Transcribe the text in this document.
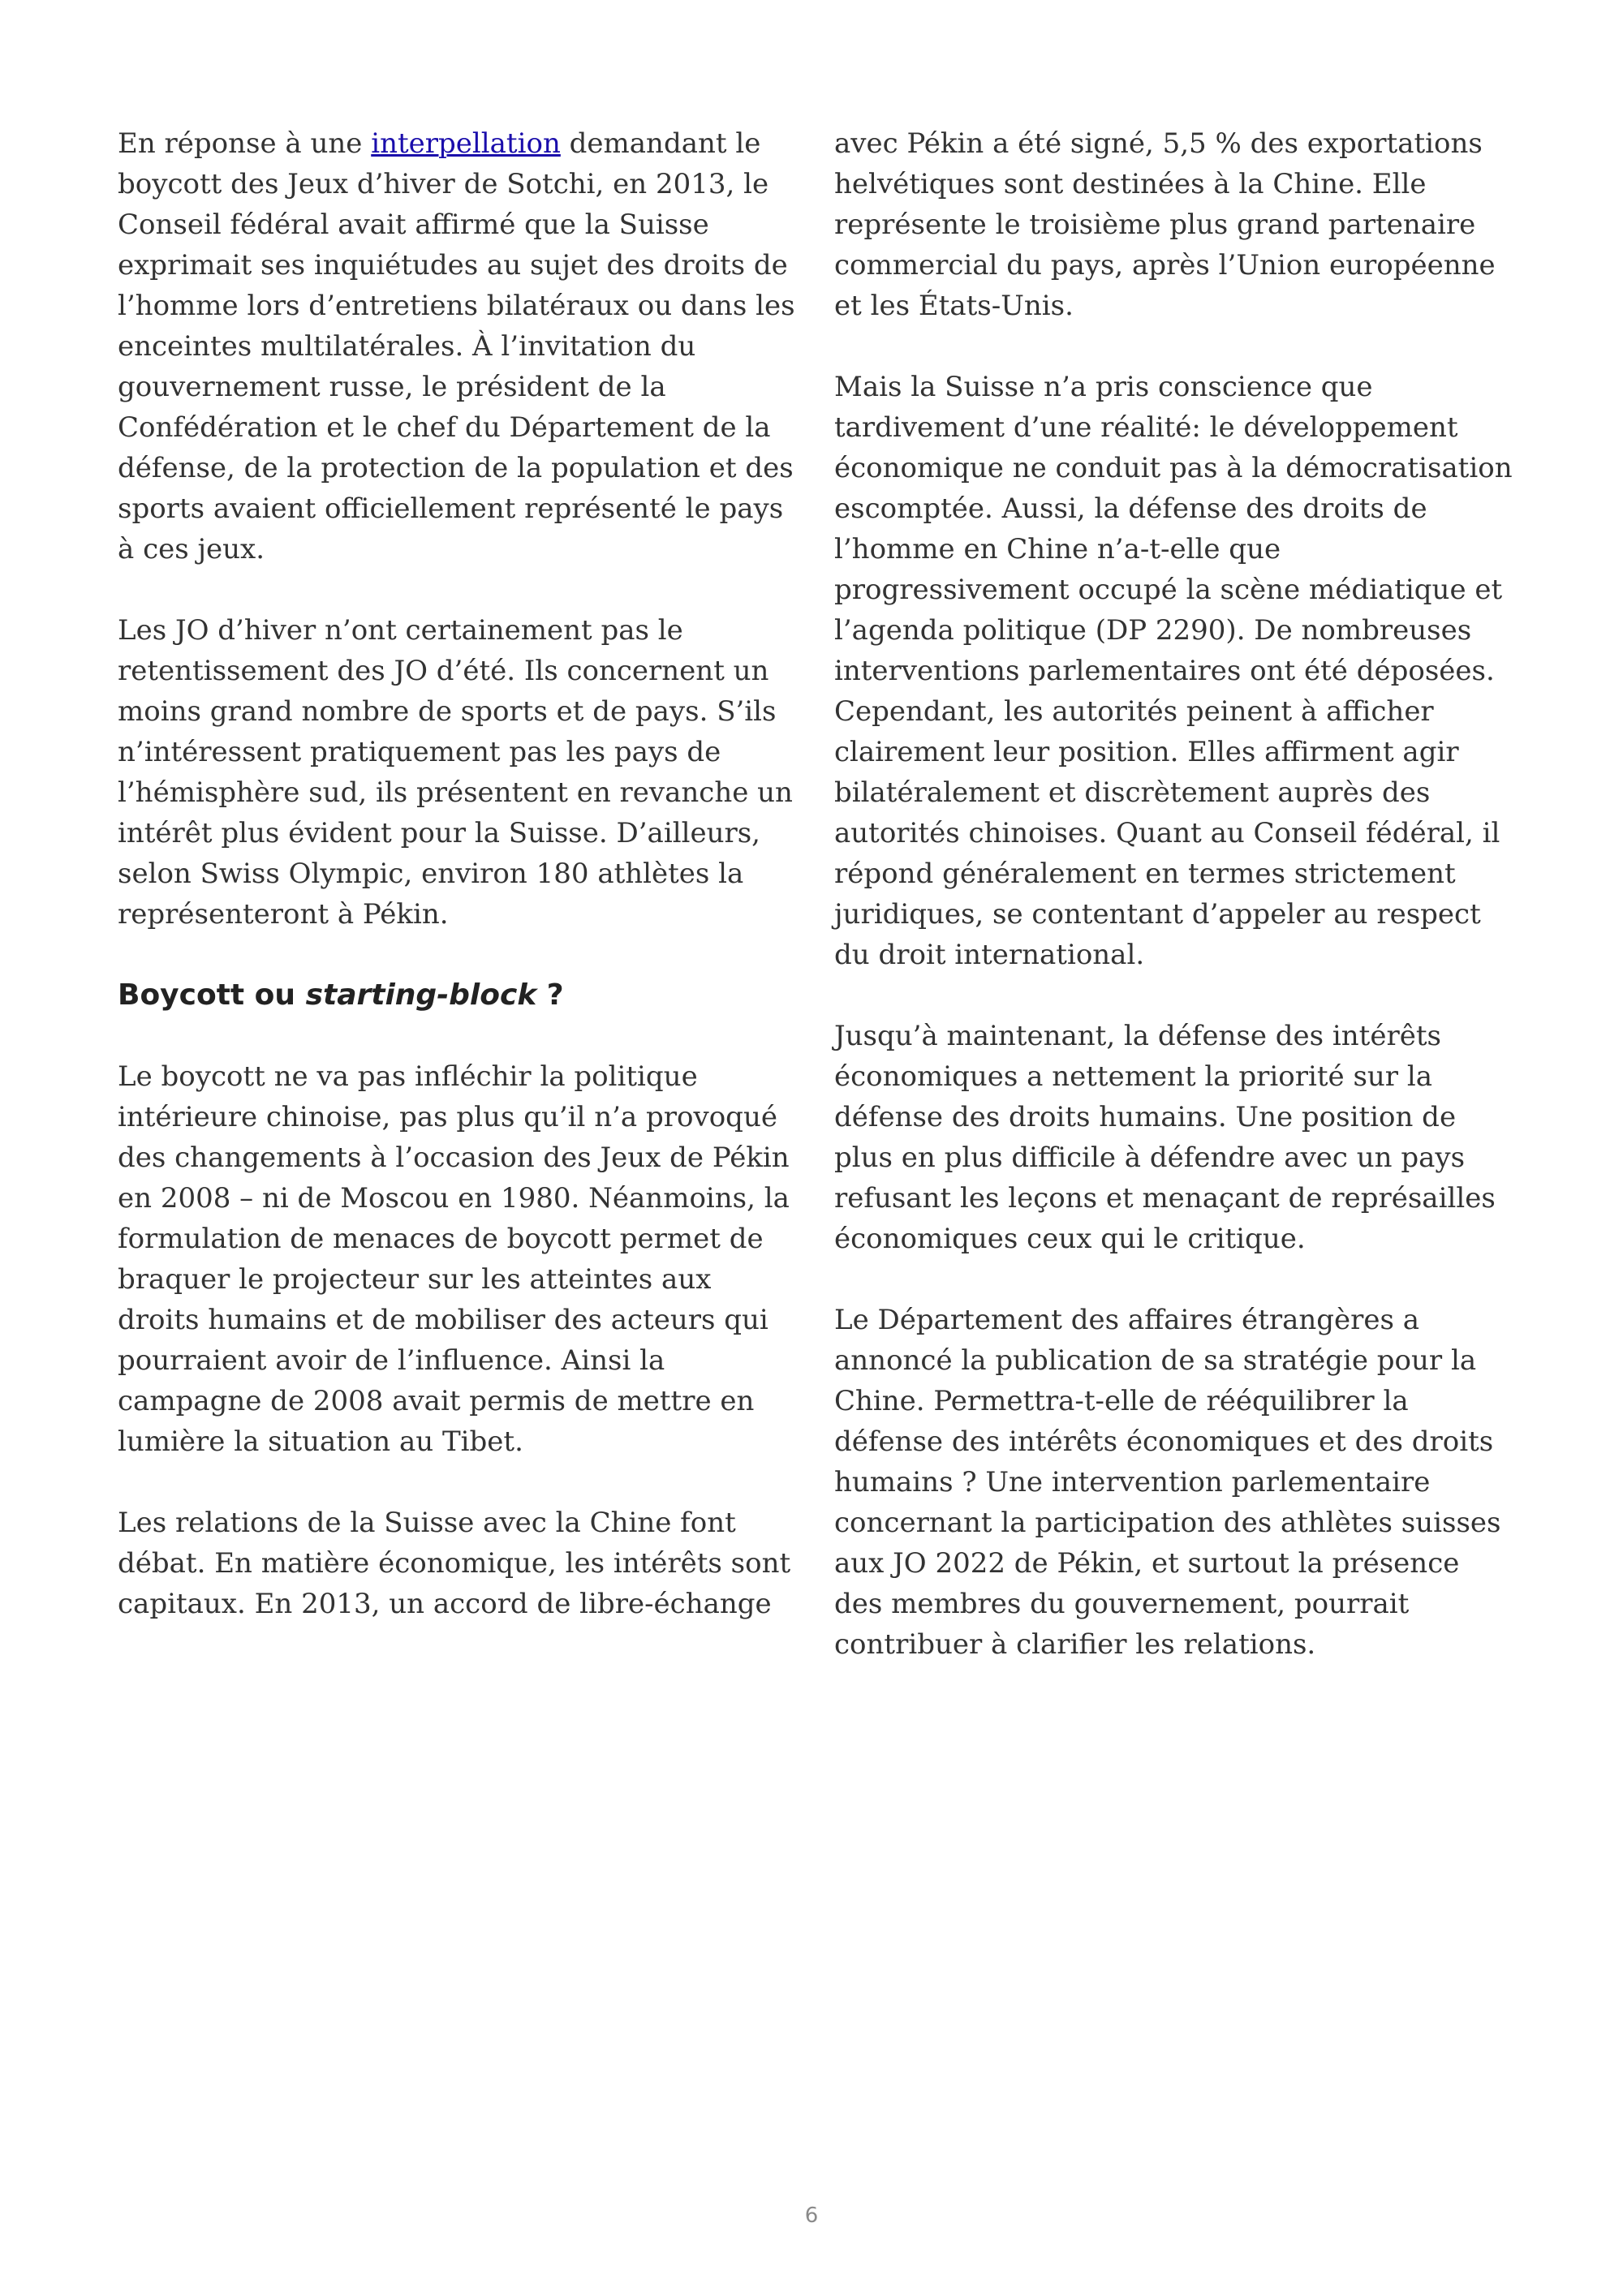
En réponse à une interpellation demandant le boycott des Jeux d’hiver de Sotchi, en 2013, le Conseil fédéral avait affirmé que la Suisse exprimait ses inquiétudes au sujet des droits de l’homme lors d’entretiens bilatéraux ou dans les enceintes multilatérales. À l’invitation du gouvernement russe, le président de la Confédération et le chef du Département de la défense, de la protection de la population et des sports avaient officiellement représenté le pays à ces jeux.

Les JO d’hiver n’ont certainement pas le retentissement des JO d’été. Ils concernent un moins grand nombre de sports et de pays. S’ils n’intéressent pratiquement pas les pays de l’hémisphère sud, ils présentent en revanche un intérêt plus évident pour la Suisse. D’ailleurs, selon Swiss Olympic, environ 180 athlètes la représenteront à Pékin.

Boycott ou starting-block ?

Le boycott ne va pas infléchir la politique intérieure chinoise, pas plus qu’il n’a provoqué des changements à l’occasion des Jeux de Pékin en 2008 – ni de Moscou en 1980. Néanmoins, la formulation de menaces de boycott permet de braquer le projecteur sur les atteintes aux droits humains et de mobiliser des acteurs qui pourraient avoir de l’influence. Ainsi la campagne de 2008 avait permis de mettre en lumière la situation au Tibet.

Les relations de la Suisse avec la Chine font débat. En matière économique, les intérêts sont capitaux. En 2013, un accord de libre-échange

avec Pékin a été signé, 5,5 % des exportations helvétiques sont destinées à la Chine. Elle représente le troisième plus grand partenaire commercial du pays, après l’Union européenne et les États-Unis.

Mais la Suisse n’a pris conscience que tardivement d’une réalité: le développement économique ne conduit pas à la démocratisation escomptée. Aussi, la défense des droits de l’homme en Chine n’a-t-elle que progressivement occupé la scène médiatique et l’agenda politique (DP 2290). De nombreuses interventions parlementaires ont été déposées. Cependant, les autorités peinent à afficher clairement leur position. Elles affirment agir bilatéralement et discrètement auprès des autorités chinoises. Quant au Conseil fédéral, il répond généralement en termes strictement juridiques, se contentant d’appeler au respect du droit international.

Jusqu’à maintenant, la défense des intérêts économiques a nettement la priorité sur la défense des droits humains. Une position de plus en plus difficile à défendre avec un pays refusant les leçons et menaçant de représailles économiques ceux qui le critique.

Le Département des affaires étrangères a annoncé la publication de sa stratégie pour la Chine. Permettra-t-elle de rééquilibrer la défense des intérêts économiques et des droits humains ? Une intervention parlementaire concernant la participation des athlètes suisses aux JO 2022 de Pékin, et surtout la présence des membres du gouvernement, pourrait contribuer à clarifier les relations.

6
